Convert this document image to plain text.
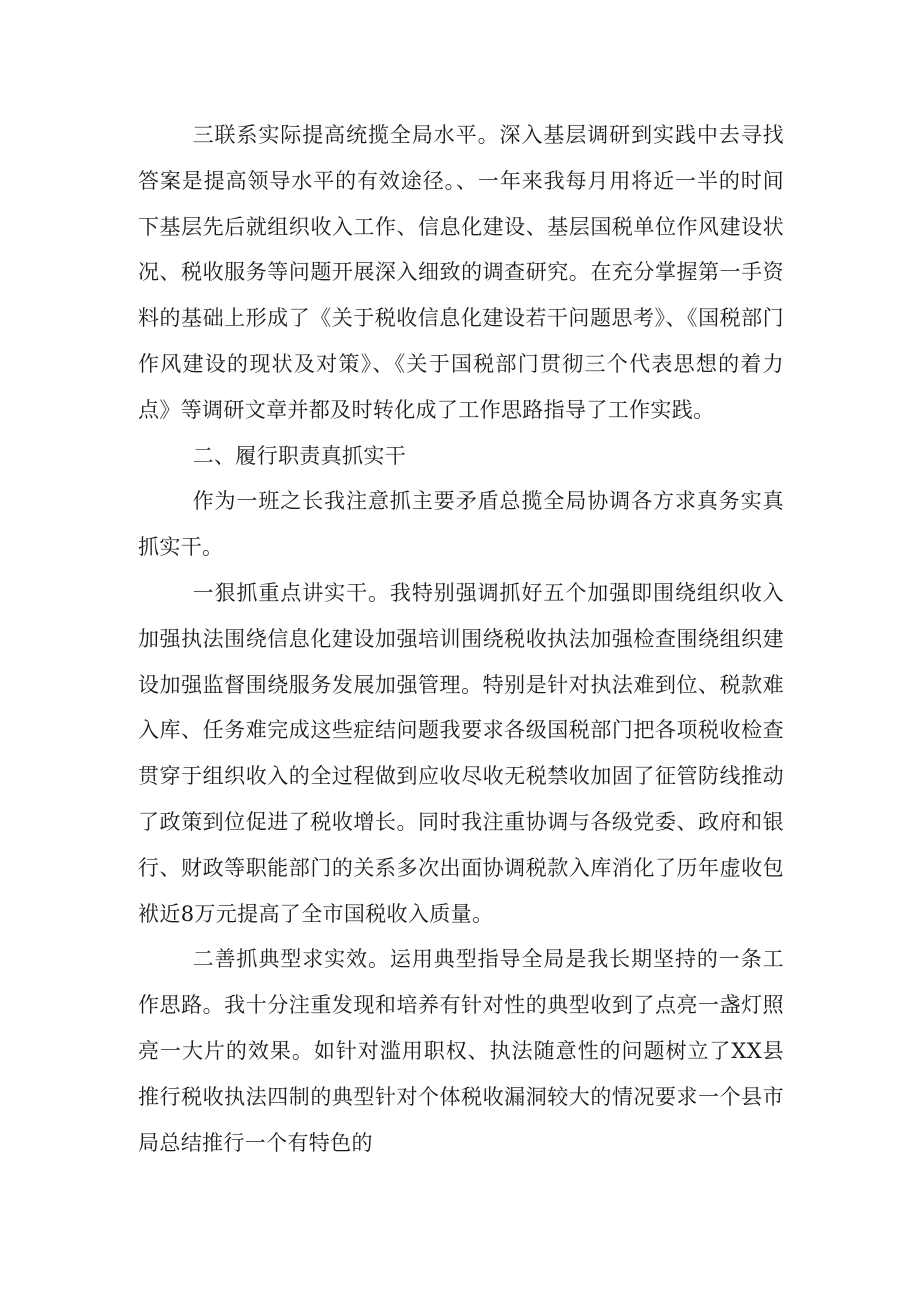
三联系实际提高统揽全局水平。深入基层调研到实践中去寻找答案是提高领导水平的有效途径。、一年来我每月用将近一半的时间下基层先后就组织收入工作、信息化建设、基层国税单位作风建设状况、税收服务等问题开展深入细致的调查研究。在充分掌握第一手资料的基础上形成了《关于税收信息化建设若干问题思考》、《国税部门作风建设的现状及对策》、《关于国税部门贯彻三个代表思想的着力点》等调研文章并都及时转化成了工作思路指导了工作实践。

二、履行职责真抓实干

作为一班之长我注意抓主要矛盾总揽全局协调各方求真务实真抓实干。

一狠抓重点讲实干。我特别强调抓好五个加强即围绕组织收入加强执法围绕信息化建设加强培训围绕税收执法加强检查围绕组织建设加强监督围绕服务发展加强管理。特别是针对执法难到位、税款难入库、任务难完成这些症结问题我要求各级国税部门把各项税收检查贯穿于组织收入的全过程做到应收尽收无税禁收加固了征管防线推动了政策到位促进了税收增长。同时我注重协调与各级党委、政府和银行、财政等职能部门的关系多次出面协调税款入库消化了历年虚收包袱近8万元提高了全市国税收入质量。

二善抓典型求实效。运用典型指导全局是我长期坚持的一条工作思路。我十分注重发现和培养有针对性的典型收到了点亮一盏灯照亮一大片的效果。如针对滥用职权、执法随意性的问题树立了XX县推行税收执法四制的典型针对个体税收漏洞较大的情况要求一个县市局总结推行一个有特色的
